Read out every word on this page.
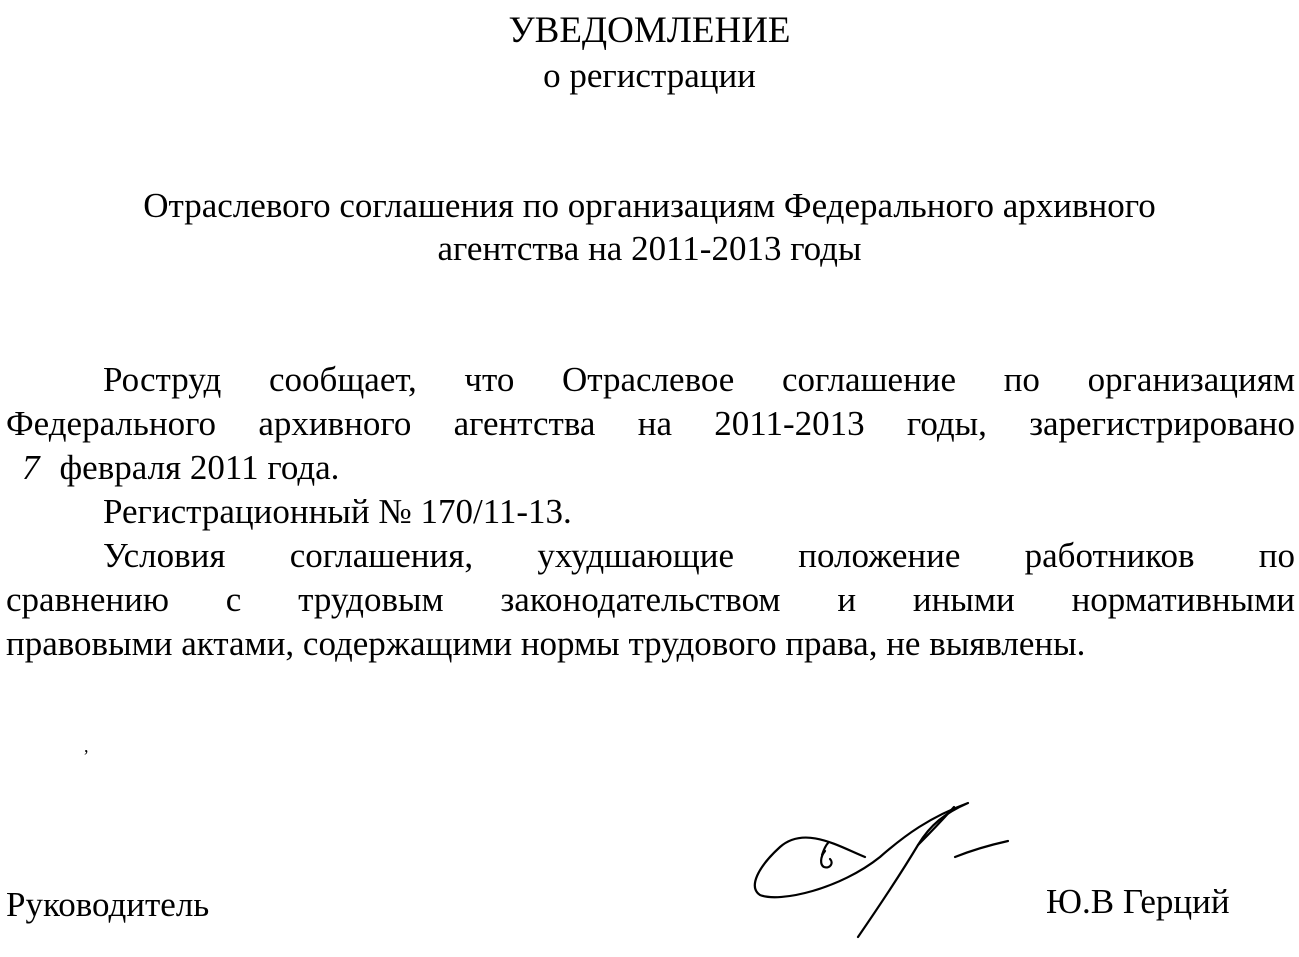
УВЕДОМЛЕНИЕ
о регистрации
Отраслевого соглашения по организациям Федерального архивного
агентства на 2011-2013 годы
Роструд сообщает, что Отраслевое соглашение по организациям
Федерального архивного агентства на 2011-2013 годы, зарегистрировано
7 февраля 2011 года.
Регистрационный № 170/11-13.
Условия соглашения, ухудшающие положение работников по
сравнению с трудовым законодательством и иными нормативными
правовыми актами, содержащими нормы трудового права, не выявлены.
,
Руководитель	Ю.В Герций
